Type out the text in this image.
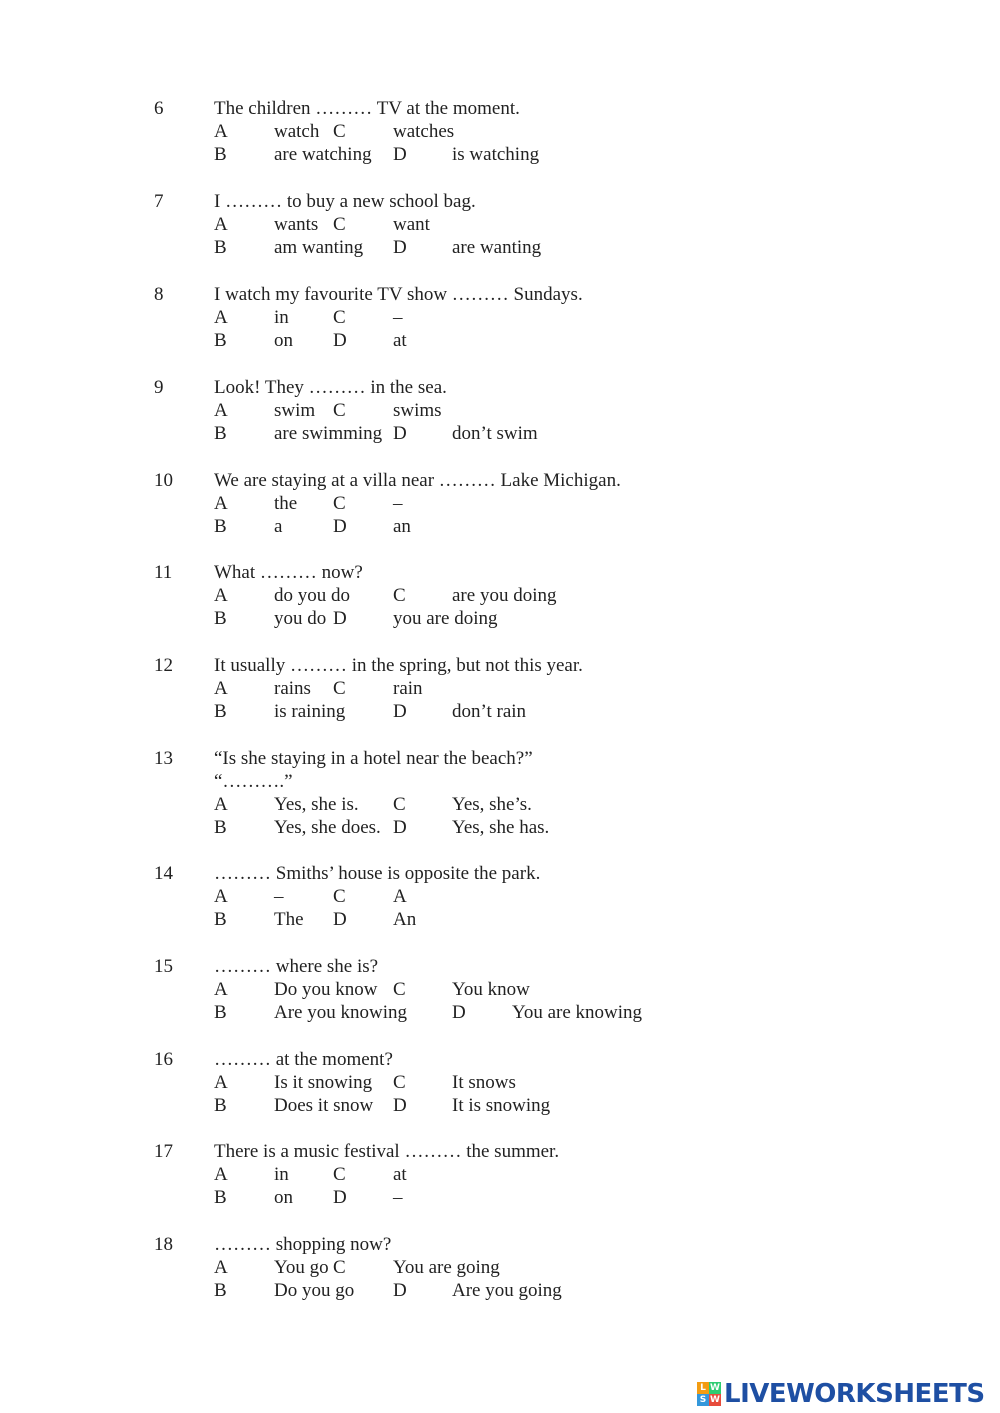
6	The children ……… TV at the moment.
A watch C watches
B are watching D is watching
7	I ……… to buy a new school bag.
A wants C want
B am wanting D are wanting
8	I watch my favourite TV show ……… Sundays.
A in C –
B on D at
9	Look! They ……… in the sea.
A swim C swims
B are swimming D don’t swim
10 We are staying at a villa near ……… Lake Michigan.
A the C –
B a	D an
11 What ……… now?
A do you do C are you doing
B you do D you are doing
12 It usually ……… in the spring, but not this year.
A rains C rain
B is raining	D don’t rain
13 “Is she staying in a hotel near the beach?”
“……….”
A Yes, she is. C Yes, she’s.
B Yes, she does. D Yes, she has.
14 ……… Smiths’ house is opposite the park.
A –	C A
B The D An
15 ……… where she is?
A Do you know C You know
B Are you knowing D You are knowing
16 ……… at the moment?
A Is it snowing C It snows
B Does it snow D It is snowing
17 There is a music festival ……… the summer.
A in C at
B on D –
18 ……… shopping now?
A You go C You are going
B Do you go D Are you going
L W
S W LIVEWORKSHEETS
